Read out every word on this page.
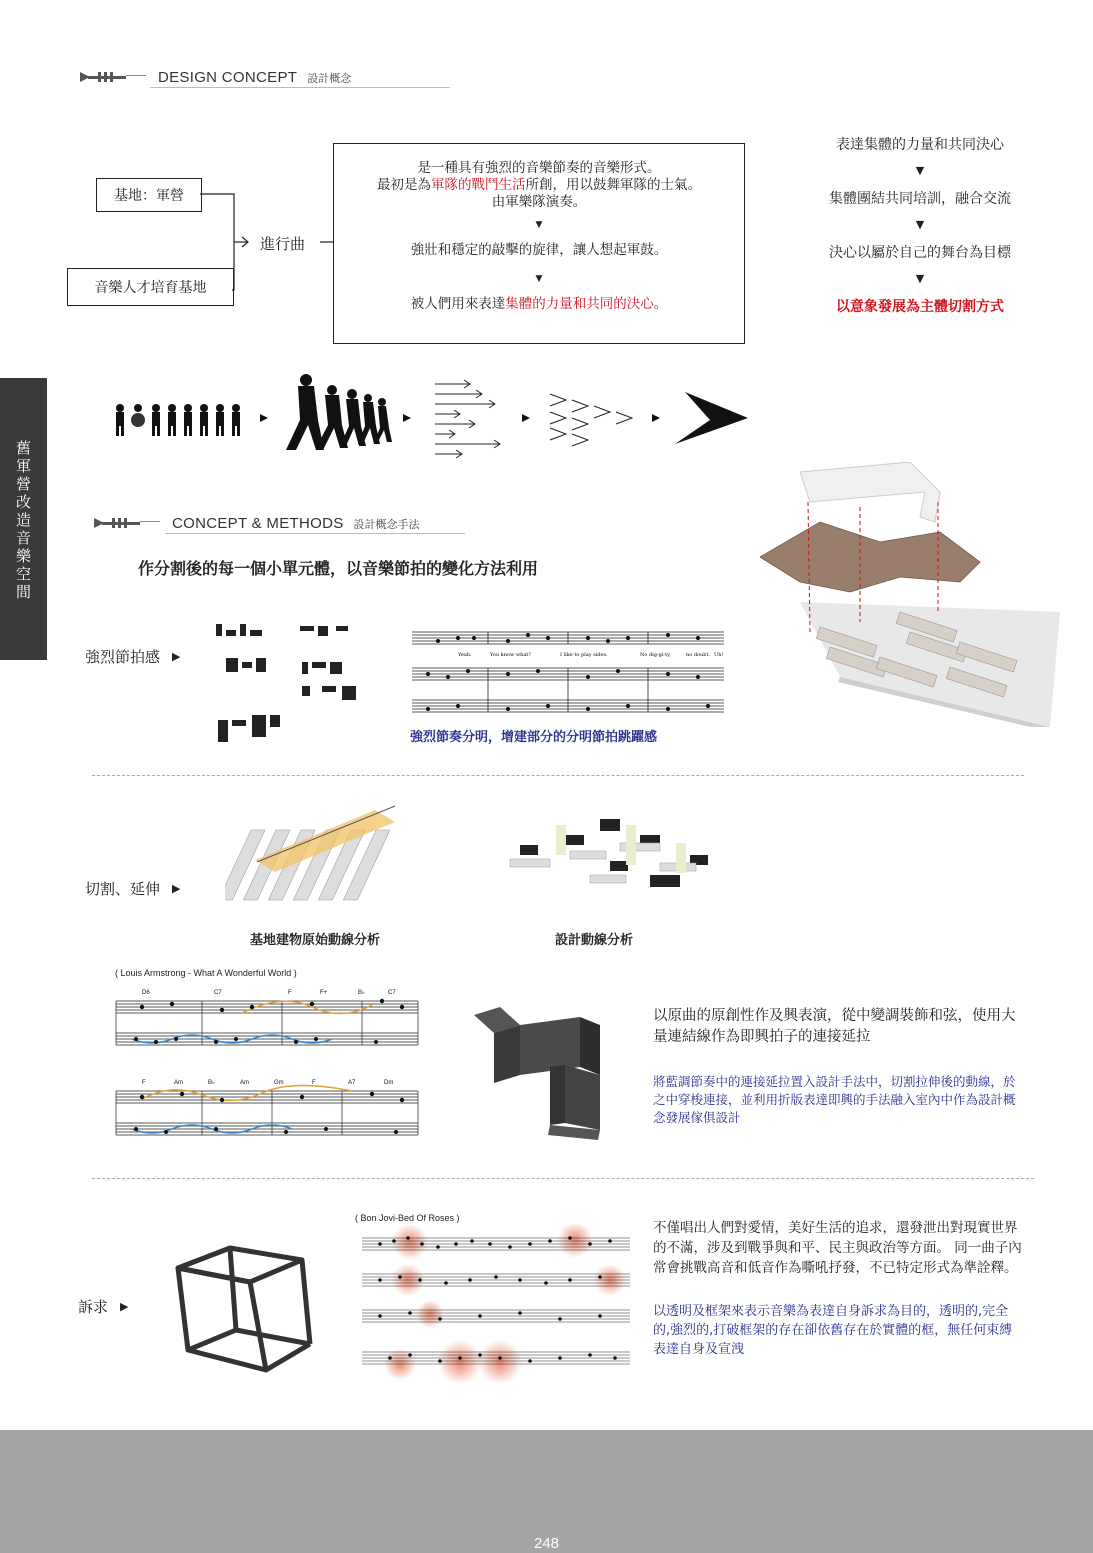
DESIGN CONCEPT 設計概念
舊軍營改造音樂空間
基地：軍營
音樂人才培育基地
進行曲
是一種具有強烈的音樂節奏的音樂形式。
最初是為軍隊的戰鬥生活所創，用以鼓舞軍隊的士氣。
由軍樂隊演奏。
▼
強壯和穩定的敲擊的旋律，讓人想起軍鼓。
▼
被人們用來表達集體的力量和共同的決心。
表達集體的力量和共同決心
▼
集體團結共同培訓，融合交流
▼
決心以屬於自己的舞台為目標
▼
以意象發展為主體切割方式
CONCEPT & METHODS 設計概念手法
作分割後的每一個小單元體，以音樂節拍的變化方法利用
強烈節拍感 ▶	Yeah.	You know what?	I like to play sides.	No dig-gi-ty,	no doubt. Uh!
強烈節奏分明，增建部分的分明節拍跳躍感
切割、延伸 ▶
基地建物原始動線分析	設計動線分析
( Louis Armstrong - What A Wonderful World )
D6	C7	F	F+	B♭	C7
F	Am	B♭	Am	Gm	F	A7	Dm
以原曲的原創性作及興表演，從中變調裝飾和弦，使用大量連結線作為即興拍子的連接延拉
將藍調節奏中的連接延拉置入設計手法中，切割拉伸後的動線，於之中穿梭連接，並利用折版表達即興的手法融入室內中作為設計概念發展傢俱設計
訴求 ▶
( Bon Jovi-Bed Of Roses )
不僅唱出人們對愛情，美好生活的追求，還發泄出對現實世界的不滿，涉及到戰爭與和平、民主與政治等方面。 同一曲子內常會挑戰高音和低音作為嘶吼抒發，不已特定形式為準詮釋。
以透明及框架來表示音樂為表達自身訴求為目的，透明的,完全的,強烈的,打破框架的存在卻依舊存在於實體的框，無任何束縛表達自身及宣洩
248
